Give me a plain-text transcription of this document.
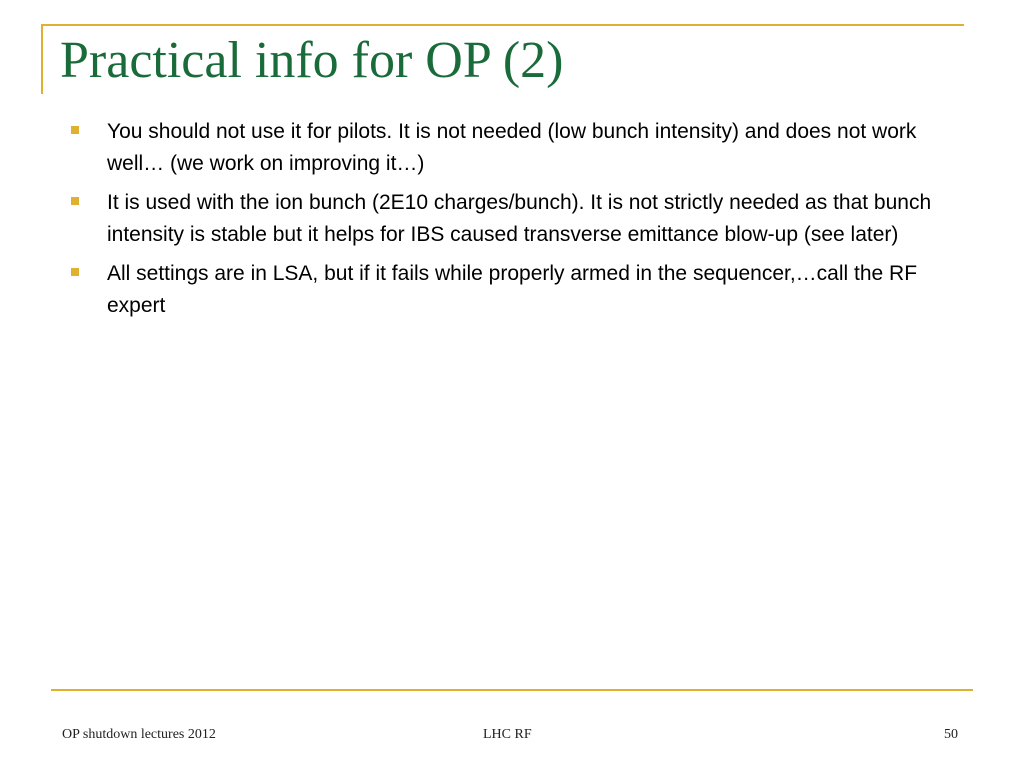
Practical info for OP (2)
You should not use it for pilots. It is not needed (low bunch intensity) and does not work well… (we work on improving it…)
It is used with the ion bunch (2E10 charges/bunch). It is not strictly needed as that bunch intensity is stable but it helps for IBS caused transverse emittance blow-up (see later)
All settings are in LSA, but if it fails while properly armed in the sequencer,…call the RF expert
OP shutdown lectures 2012	LHC RF	50
